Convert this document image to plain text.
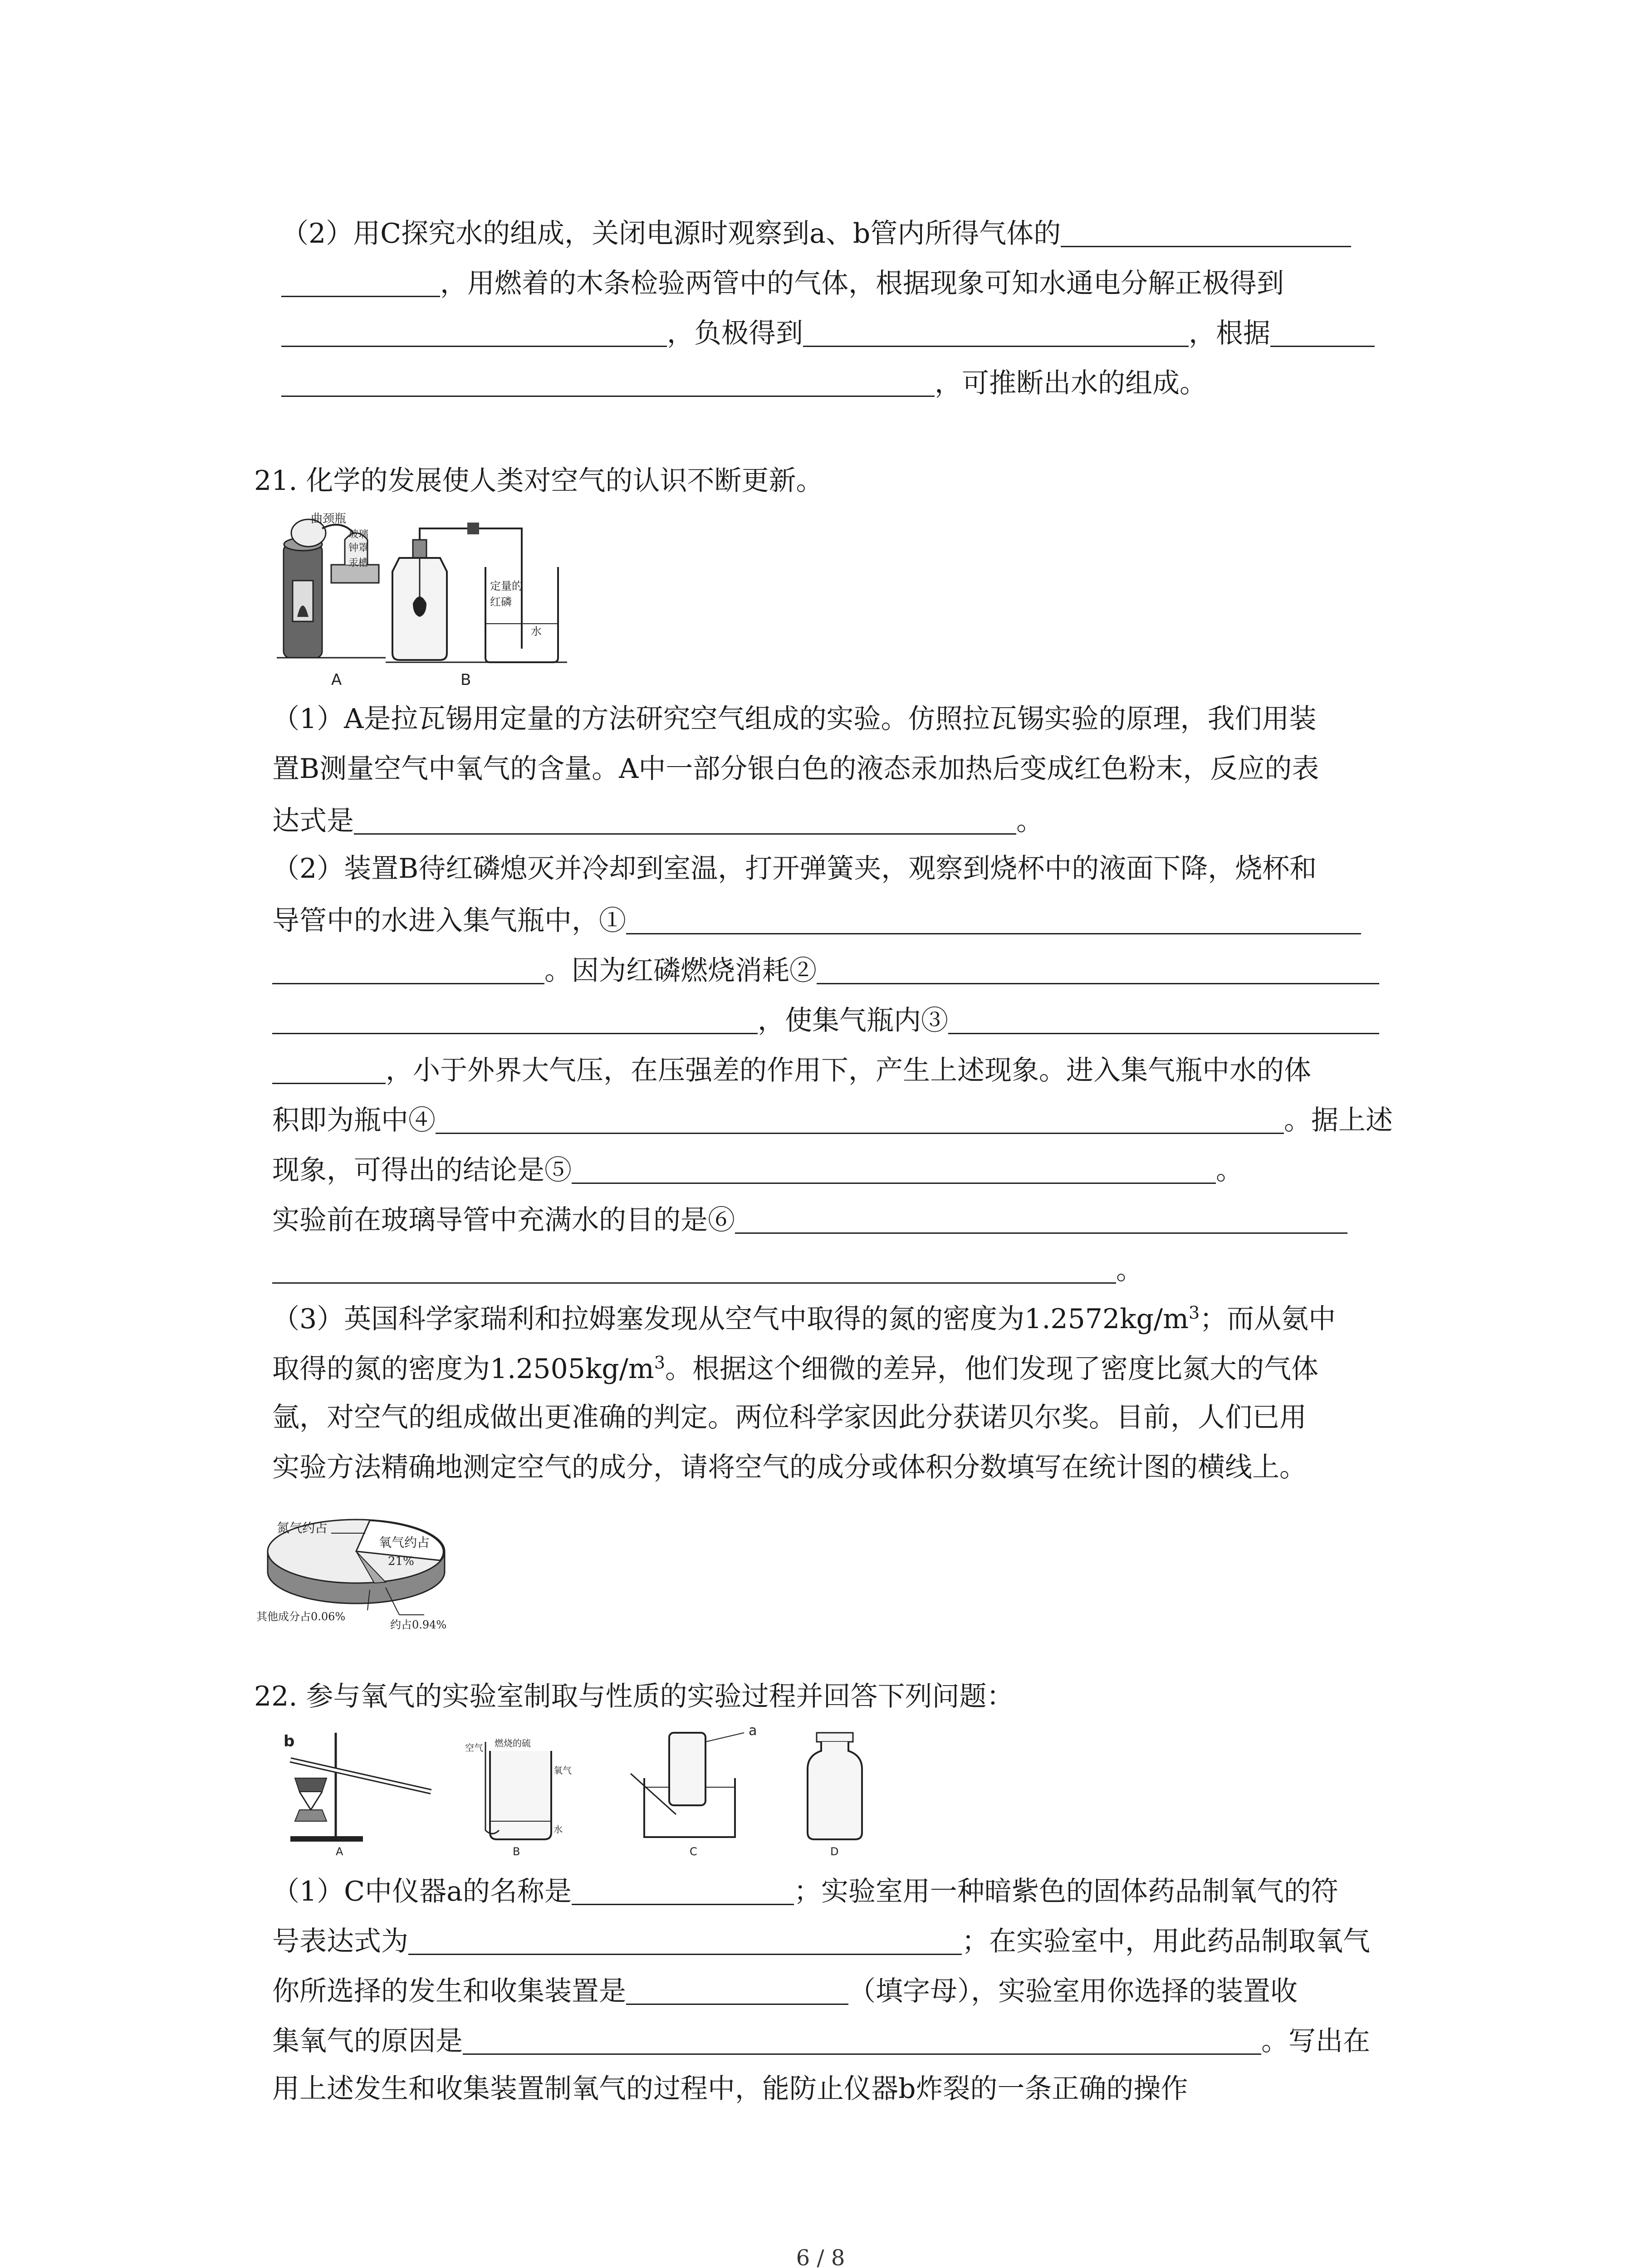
（2）用C探究水的组成，关闭电源时观察到a、b管内所得气体的
，用燃着的木条检验两管中的气体，根据现象可知水通电分解正极得到
，负极得到	，根据
，可推断出水的组成。
21. 化学的发展使人类对空气的认识不断更新。
曲颈瓶
玻璃
钟罩
汞槽
定量的
红磷
水
A	B
（1）A是拉瓦锡用定量的方法研究空气组成的实验。仿照拉瓦锡实验的原理，我们用装
置B测量空气中氧气的含量。A中一部分银白色的液态汞加热后变成红色粉末，反应的表
达式是	。
（2）装置B待红磷熄灭并冷却到室温，打开弹簧夹，观察到烧杯中的液面下降，烧杯和
导管中的水进入集气瓶中，①
。因为红磷燃烧消耗②
，使集气瓶内③
，小于外界大气压，在压强差的作用下，产生上述现象。进入集气瓶中水的体
积即为瓶中④	。据上述
现象，可得出的结论是⑤	。
实验前在玻璃导管中充满水的目的是⑥
。
（3）英国科学家瑞利和拉姆塞发现从空气中取得的氮的密度为$1.2572kg/m^3$；而从氨中
取得的氮的密度为$1.2505kg/m^3$。根据这个细微的差异，他们发现了密度比氮大的气体
氩，对空气的组成做出更准确的判定。两位科学家因此分获诺贝尔奖。目前，人们已用
实验方法精确地测定空气的成分，请将空气的成分或体积分数填写在统计图的横线上。
氮气约占
氧气约占
21%
其他成分占0.06%
约占0.94%
22. 参与氧气的实验室制取与性质的实验过程并回答下列问题：
b
A
空气 燃烧的硫
氧气
水
B
a
C	D
（1）C中仪器a的名称是	；实验室用一种暗紫色的固体药品制氧气的符
号表达式为	；在实验室中，用此药品制取氧气
你所选择的发生和收集装置是	（填字母），实验室用你选择的装置收
集氧气的原因是	。写出在
用上述发生和收集装置制氧气的过程中，能防止仪器b炸裂的一条正确的操作
6 / 8
